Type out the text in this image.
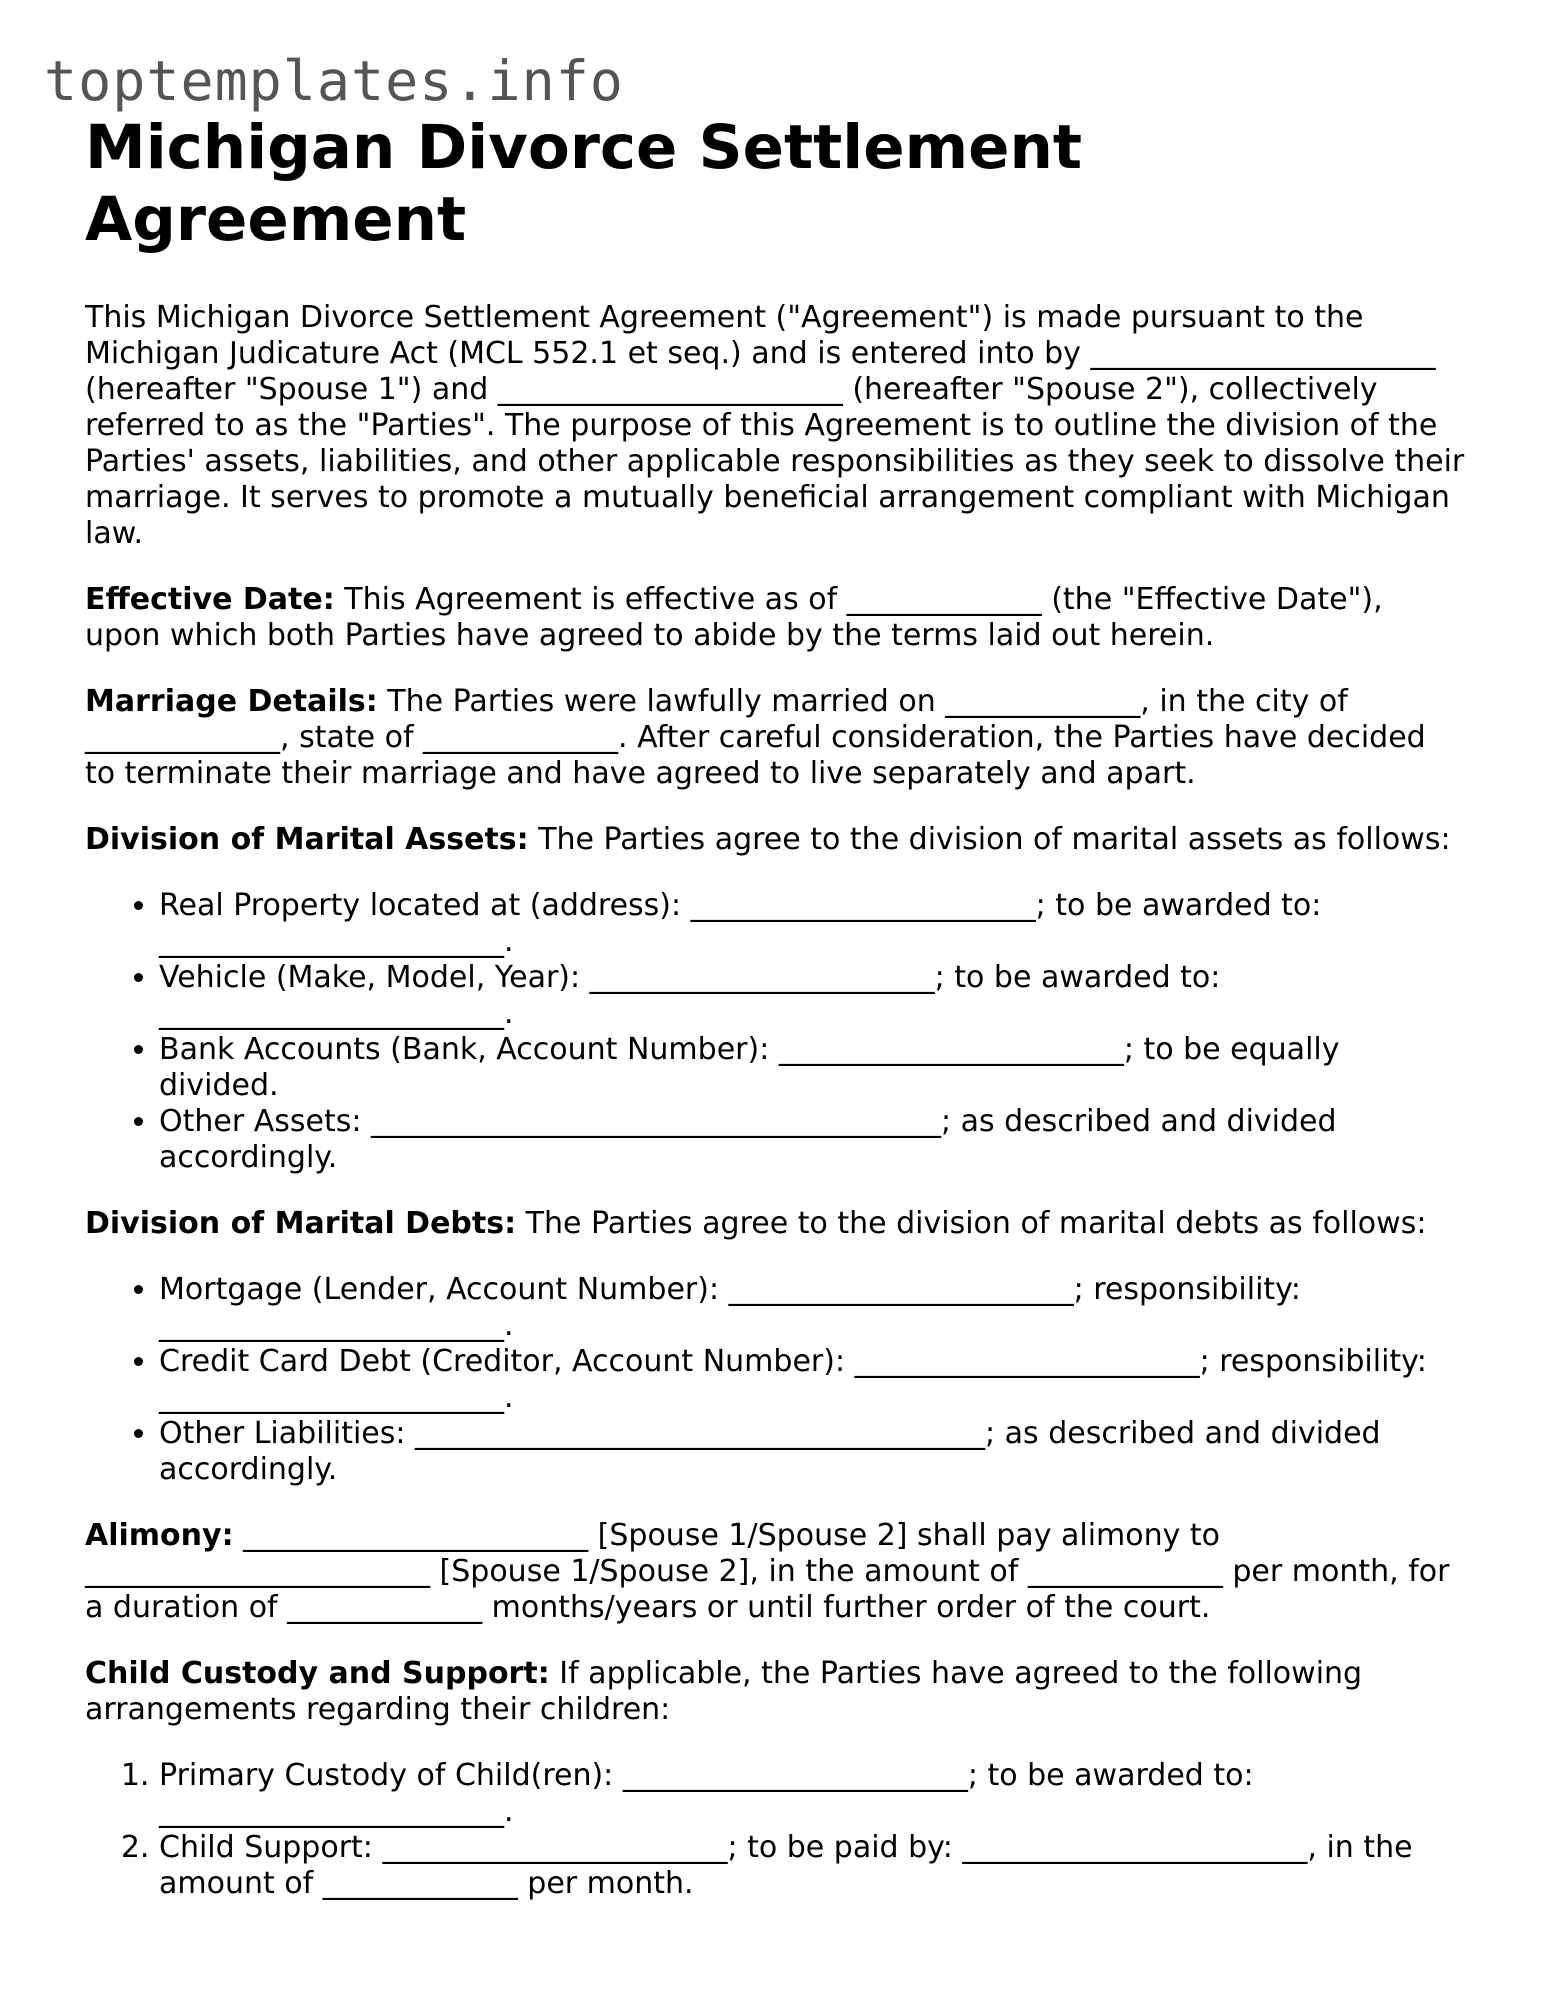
toptemplates.info
Michigan Divorce Settlement Agreement

This Michigan Divorce Settlement Agreement ("Agreement") is made pursuant to the Michigan Judicature Act (MCL 552.1 et seq.) and is entered into by _______________________ (hereafter "Spouse 1") and _______________________ (hereafter "Spouse 2"), collectively referred to as the "Parties". The purpose of this Agreement is to outline the division of the Parties' assets, liabilities, and other applicable responsibilities as they seek to dissolve their marriage. It serves to promote a mutually beneficial arrangement compliant with Michigan law.

Effective Date: This Agreement is effective as of _____________ (the "Effective Date"), upon which both Parties have agreed to abide by the terms laid out herein.

Marriage Details: The Parties were lawfully married on _____________, in the city of _____________, state of _____________. After careful consideration, the Parties have decided to terminate their marriage and have agreed to live separately and apart.

Division of Marital Assets: The Parties agree to the division of marital assets as follows:

• Real Property located at (address): _______________________; to be awarded to: _______________________.
• Vehicle (Make, Model, Year): _______________________; to be awarded to: _______________________.
• Bank Accounts (Bank, Account Number): _______________________; to be equally divided.
• Other Assets: ______________________________________; as described and divided accordingly.

Division of Marital Debts: The Parties agree to the division of marital debts as follows:

• Mortgage (Lender, Account Number): _______________________; responsibility: _______________________.
• Credit Card Debt (Creditor, Account Number): _______________________; responsibility: _______________________.
• Other Liabilities: ______________________________________; as described and divided accordingly.

Alimony: _______________________ [Spouse 1/Spouse 2] shall pay alimony to _______________________ [Spouse 1/Spouse 2], in the amount of _____________ per month, for a duration of _____________ months/years or until further order of the court.

Child Custody and Support: If applicable, the Parties have agreed to the following arrangements regarding their children:

1. Primary Custody of Child(ren): _______________________; to be awarded to: _______________________.
2. Child Support: _______________________; to be paid by: _______________________, in the amount of _____________ per month.
